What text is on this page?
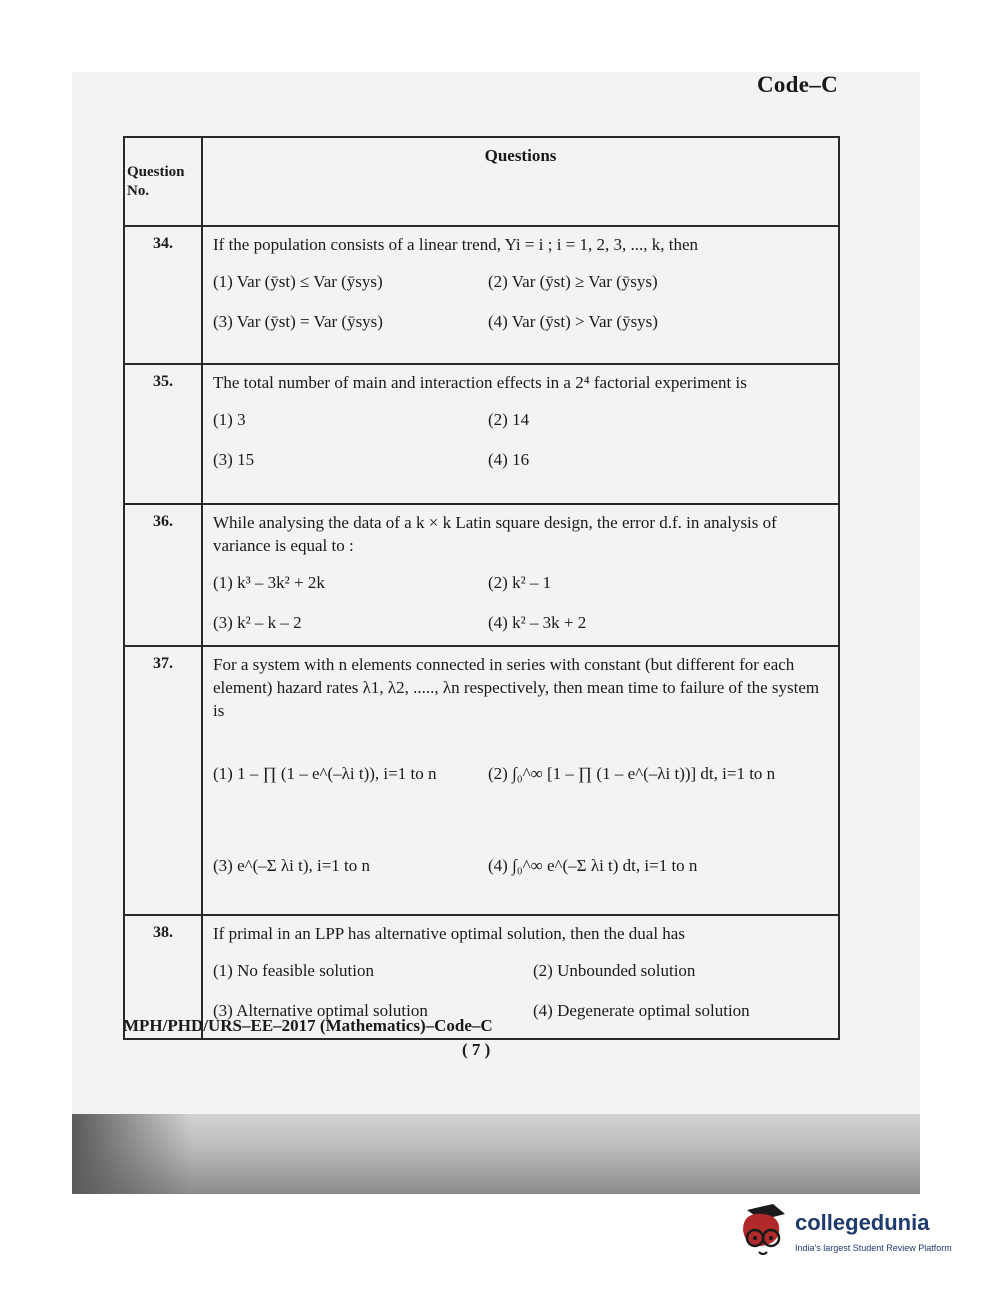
Code–C
Question No.	Questions
34.	If the population consists of a linear trend, Yi = i ; i = 1, 2, 3, ..., k, then
(1) Var (ȳst) ≤ Var (ȳsys) (2) Var (ȳst) ≥ Var (ȳsys)
(3) Var (ȳst) = Var (ȳsys) (4) Var (ȳst) > Var (ȳsys)

35.	The total number of main and interaction effects in a 2⁴ factorial experiment is
(1) 3 (2) 14
(3) 15 (4) 16

36.	While analysing the data of a k × k Latin square design, the error d.f. in analysis of variance is equal to :
(1) k³ – 3k² + 2k (2) k² – 1
(3) k² – k – 2 (4) k² – 3k + 2

37.	For a system with n elements connected in series with constant (but different for each element) hazard rates λ1, λ2, ....., λn respectively, then mean time to failure of the system is
(1) 1 – ∏ (1 – e^(–λi t)), i=1 to n (2) ∫₀^∞ [1 – ∏ (1 – e^(–λi t))] dt, i=1 to n
(3) e^(–Σ λi t), i=1 to n (4) ∫₀^∞ e^(–Σ λi t) dt, i=1 to n

38.	If primal in an LPP has alternative optimal solution, then the dual has
(1) No feasible solution (2) Unbounded solution
(3) Alternative optimal solution (4) Degenerate optimal solution
MPH/PHD/URS–EE–2017 (Mathematics)–Code–C
( 7 )
collegedunia
India's largest Student Review Platform
